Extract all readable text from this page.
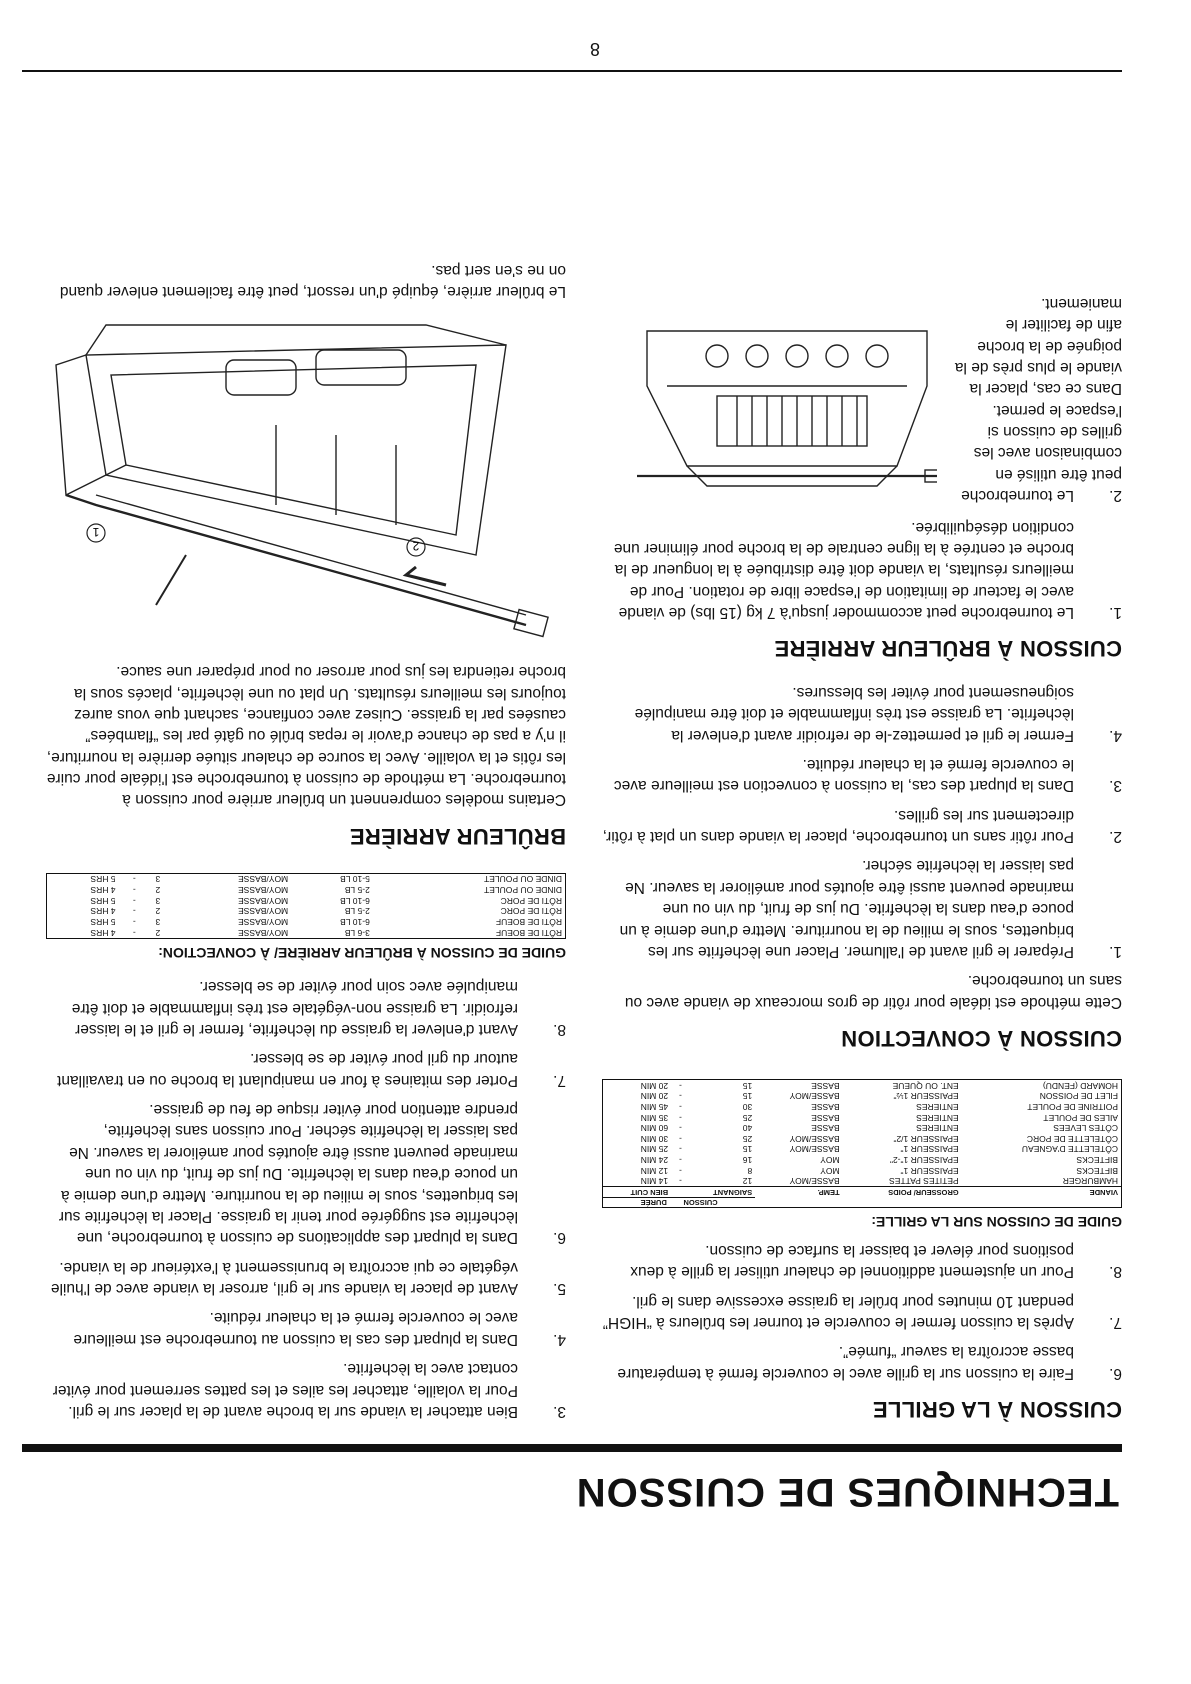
TECHNIQUES DE CUISSON
CUISSON À LA GRILLE
6.
Faire la cuisson sur la grille avec le couvercle fermé à température basse accroîtra la saveur “fumée”.
7.
Après la cuisson fermer le couvercle et tourner les brûleurs à “HIGH” pendant 10 minutes pour brûler la graisse excessive dans le gril.
8.
Pour un ajustement additionnel de chaleur utiliser la grille à deux positions pour élever et baisser la surface de cuisson.
GUIDE DE CUISSON SUR LA GRILLE:
			CUISSON        DURÉE		
VIANDE	GROSSEUR/ POIDS	TEMP.	SAIGNANT		BIEN CUIT
HAMBURGER	PETITES PATTES	BASSE/MOY	12	-	14 MIN
BIFTECKS	EPAISSEUR 1"	MOY	8	-	12 MIN
BIFTECKS	EPAISSEUR 1"-2"	MOY	16	-	24 MIN
CÔTELETTE D'AGNEAU	EPAISSEUR 1"	BASSE/MOY	15	-	25 MIN
CÔTELETTE DE PORC	EPAISSEUR 1/2"	BASSE/MOY	25	-	30 MIN
CÔTES LEVEES	ENTIERES	BASSE	40	-	60 MIN
AILES DE POULET	ENTIERES	BASSE	25	-	35 MIN
POITRINE DE POULET	ENTIERES	BASSE	30	-	45 MIN
FILET DE POISSON	EPAISSEUR 1½"	BASSE/MOY	15	-	20 MIN
HOMARD (FENDU)	ENT. OU QUEUE	BASSE	15	-	20 MIN
CUISSON À CONVECTION

Cette méthode est idéale pour rôtir de gros morceaux de viande avec ou sans un tournebroche.

1.
Préparer le gril avant de l'allumer. Placer une lèchefrite sur les briquettes, sous le milieu de la nourriture. Mettre d'une demie à un pouce d'eau dans la lèchefrite. Du jus de fruit, du vin ou une marinade peuvent aussi être ajoutés pour améliorer la saveur. Ne pas laisser la lèchefrite sécher.
2.
Pour rôtir sans un tournebroche, placer la viande dans un plat à rôtir, directement sur les grilles.
3.
Dans la plupart des cas, la cuisson à convection est meilleure avec le couvercle fermé et la chaleur réduite.
4.
Fermer le gril et permettez-le de refroidir avant d'enlever la lèchefrite. La graisse est très inflammable et doit être manipulée soigneusement pour éviter les blessures.
CUISSON À BRÛLEUR ARRIÈRE
1.
Le tournebroche peut accommoder jusqu'à 7 kg (15 lbs) de viande avec le facteur de limitation de l'espace libre de rotation. Pour de meilleurs résultats, la viande doit être distribuée à la longueur de la broche et centrée à la ligne centrale de la broche pour éliminer une condition déséquilibrée.
2.Le tournebroche peut être utilisé en combinaison avec les grilles de cuisson si l'espace le permet. Dans ce cas, placer la viande le plus près de la poignée de la broche afin de faciliter le maniement.
3.
Bien attacher la viande sur la broche avant de la placer sur le gril. Pour la volaille, attacher les ailes et les pattes serrement pour éviter contact avec la lèchefrite.
4.
Dans la plupart des cas la cuisson au tournebroche est meilleure avec le couvercle fermé et la chaleur réduite.
5.
Avant de placer la viande sur le gril, arroser la viande avec de l'huile végétale ce qui accroîtra le brunissement à l'extérieur de la viande.
6.
Dans la plupart des applications de cuisson à tournebroche, une lèchefrite est suggérée pour tenir la graisse. Placer la lèchefrite sur les briquettes, sous le milieu de la nourriture. Mettre d'une demie à un pouce d'eau dans la lèchefrite. Du jus de fruit, du vin ou une marinade peuvent aussi être ajoutés pour améliorer la saveur. Ne pas laisser la lèchefrite sécher. Pour cuisson sans lèchefrite, prendre attention pour éviter risque de feu de graisse.
7.
Porter des mitaines à four en manipulant la broche ou en travaillant autour du gril pour éviter de se blesser.
8.
Avant d'enlever la graisse du lèchefrite, fermer le gril et le laisser refroidir. La graisse non-végétale est très inflammable et doit être manipulée avec soin pour éviter de se blesser.
GUIDE DE CUISSON À BRÛLEUR ARRIÈRE/ À CONVECTION:
RÔTI DE BOEUF	3-6 LB	MOY/BASSE	2	-	4 HRS
RÔTI DE BOEUF	6-10 LB	MOY/BASSE	3	-	5 HRS
RÔTI DE PORC	2-5 LB	MOY/BASSE	2	-	4 HRS
RÔTI DE PORC	6-10 LB	MOY/BASSE	3	-	5 HRS
DINDE OU POULET	2-5 LB	MOY/BASSE	2	-	4 HRS
DINDE OU POULET	5-10 LB	MOY/BASSE	3	-	5 HRS
BRÛLEUR ARRIÈRE

Certains modèles comprennent un brûleur arrière pour cuisson à tournebroche. La méthode de cuisson à tournebroche est l'idéale pour cuire les rôtis et la volaille. Avec la source de chaleur située derrière la nourriture, il n'y a pas de chance d'avoir le repas brûlé ou gâté par les “flambées” causées par la graisse. Cuisez avec confiance, sachant que vous aurez toujours les meilleurs résultats. Un plat ou une lèchefrite, placés sous la broche retiendra les jus pour arroser ou pour préparer une sauce.

1
2

Le brûleur arrière, équipé d'un ressort, peut être facilement enlever quand on ne s'en sert pas.

8
